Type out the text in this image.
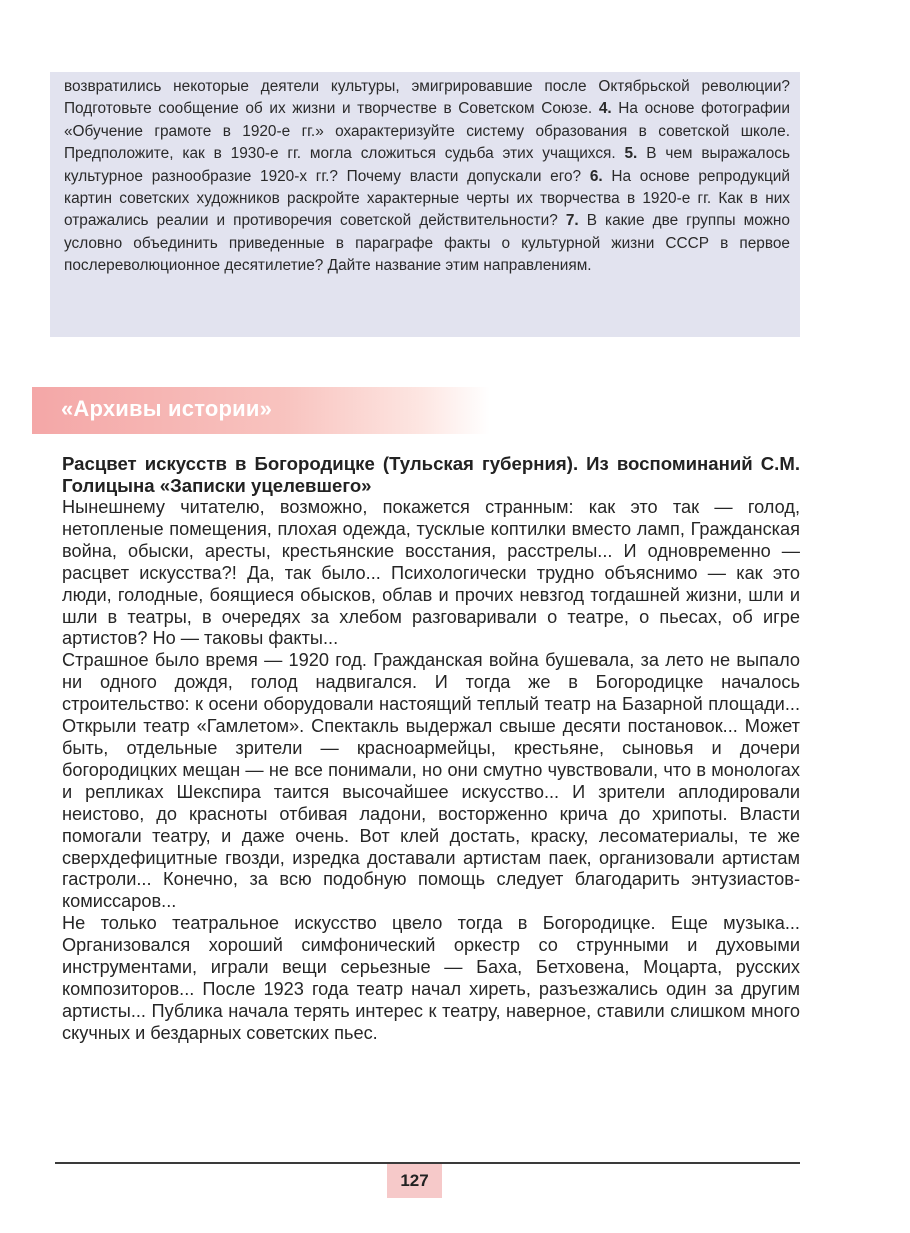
возвратились некоторые деятели культуры, эмигрировавшие после Октябрьской революции? Подготовьте сообщение об их жизни и творчестве в Советском Союзе. 4. На основе фотографии «Обучение грамоте в 1920-е гг.» охарактеризуйте систему образования в советской школе. Предположите, как в 1930-е гг. могла сложиться судьба этих учащихся. 5. В чем выражалось культурное разнообразие 1920-х гг.? Почему власти допускали его? 6. На основе репродукций картин советских художников раскройте характерные черты их творчества в 1920-е гг. Как в них отражались реалии и противоречия советской действительности? 7. В какие две группы можно условно объединить приведенные в параграфе факты о культурной жизни СССР в первое послереволюционное десятилетие? Дайте название этим направлениям.

«Архивы истории»
Расцвет искусств в Богородицке (Тульская губерния). Из воспоминаний С.М. Голицына «Записки уцелевшего»

Нынешнему читателю, возможно, покажется странным: как это так — голод, нетопленые помещения, плохая одежда, тусклые коптилки вместо ламп, Гражданская война, обыски, аресты, крестьянские восстания, расстрелы... И одновременно — расцвет искусства?! Да, так было... Психологически трудно объяснимо — как это люди, голодные, боящиеся обысков, облав и прочих невзгод тогдашней жизни, шли и шли в театры, в очередях за хлебом разговаривали о театре, о пьесах, об игре артистов? Но — таковы факты...

Страшное было время — 1920 год. Гражданская война бушевала, за лето не выпало ни одного дождя, голод надвигался. И тогда же в Богородицке началось строительство: к осени оборудовали настоящий теплый театр на Базарной площади... Открыли театр «Гамлетом». Спектакль выдержал свыше десяти постановок... Может быть, отдельные зрители — красноармейцы, крестьяне, сыновья и дочери богородицких мещан — не все понимали, но они смутно чувствовали, что в монологах и репликах Шекспира таится высочайшее искусство... И зрители аплодировали неистово, до красноты отбивая ладони, восторженно крича до хрипоты. Власти помогали театру, и даже очень. Вот клей достать, краску, лесоматериалы, те же сверхдефицитные гвозди, изредка доставали артистам паек, организовали артистам гастроли... Конечно, за всю подобную помощь следует благодарить энтузиастов-комиссаров...

Не только театральное искусство цвело тогда в Богородицке. Еще музыка... Организовался хороший симфонический оркестр со струнными и духовыми инструментами, играли вещи серьезные — Баха, Бетховена, Моцарта, русских композиторов... После 1923 года театр начал хиреть, разъезжались один за другим артисты... Публика начала терять интерес к театру, наверное, ставили слишком много скучных и бездарных советских пьес.

127
